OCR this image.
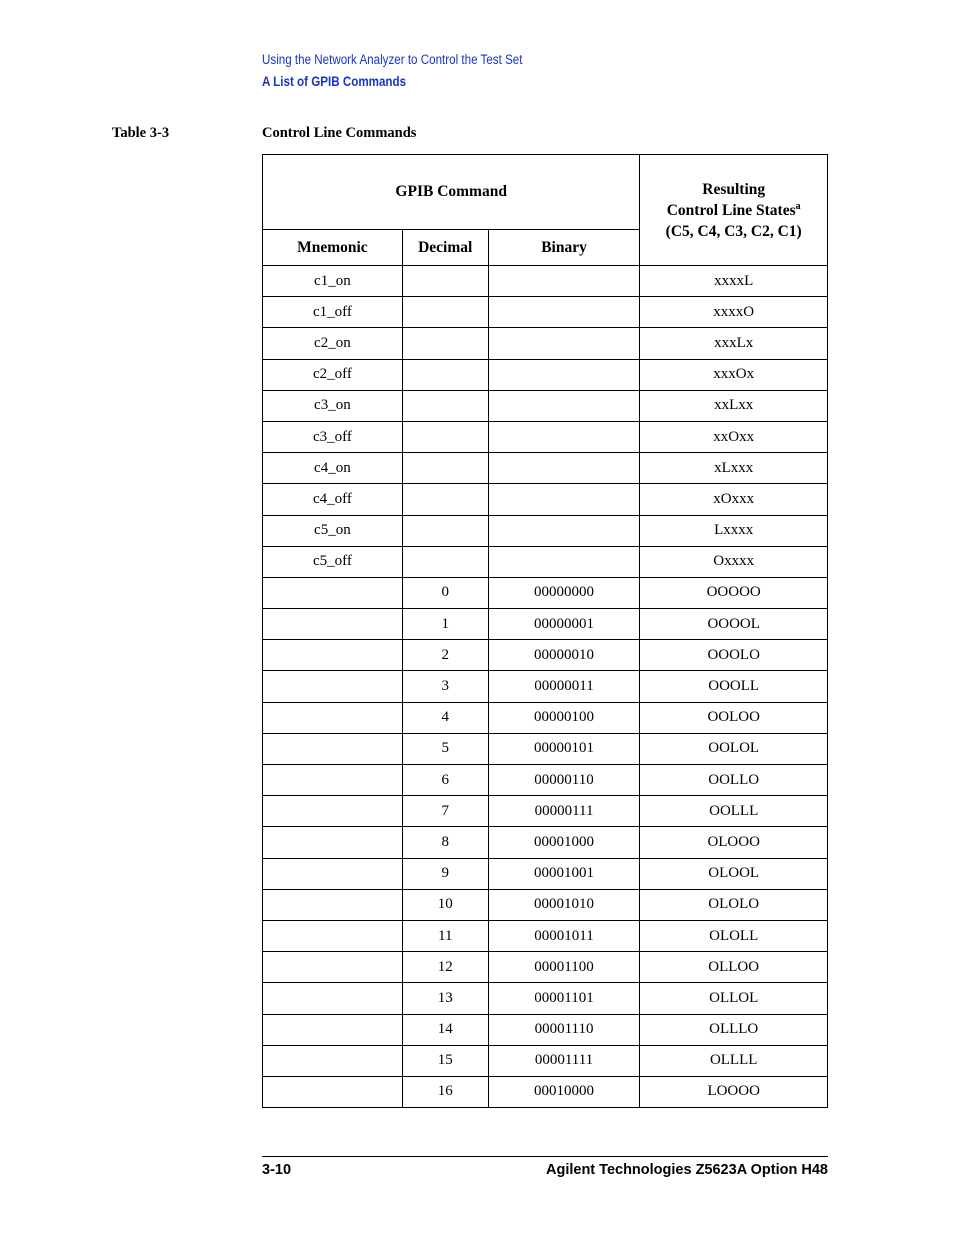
Using the Network Analyzer to Control the Test Set
A List of GPIB Commands
Table 3-3	Control Line Commands
GPIB Command			Resulting
Control Line States$^a$
(C5, C4, C3, C2, C1)
Mnemonic	Decimal	Binary	
c1_on			xxxxL
c1_off			xxxxO
c2_on			xxxLx
c2_off			xxxOx
c3_on			xxLxx
c3_off			xxOxx
c4_on			xLxxx
c4_off			xOxxx
c5_on			Lxxxx
c5_off			Oxxxx
	0	00000000	OOOOO
	1	00000001	OOOOL
	2	00000010	OOOLO
	3	00000011	OOOLL
	4	00000100	OOLOO
	5	00000101	OOLOL
	6	00000110	OOLLO
	7	00000111	OOLLL
	8	00001000	OLOOO
	9	00001001	OLOOL
	10	00001010	OLOLO
	11	00001011	OLOLL
	12	00001100	OLLOO
	13	00001101	OLLOL
	14	00001110	OLLLO
	15	00001111	OLLLL
	16	00010000	LOOOO
3-10	Agilent Technologies Z5623A Option H48
